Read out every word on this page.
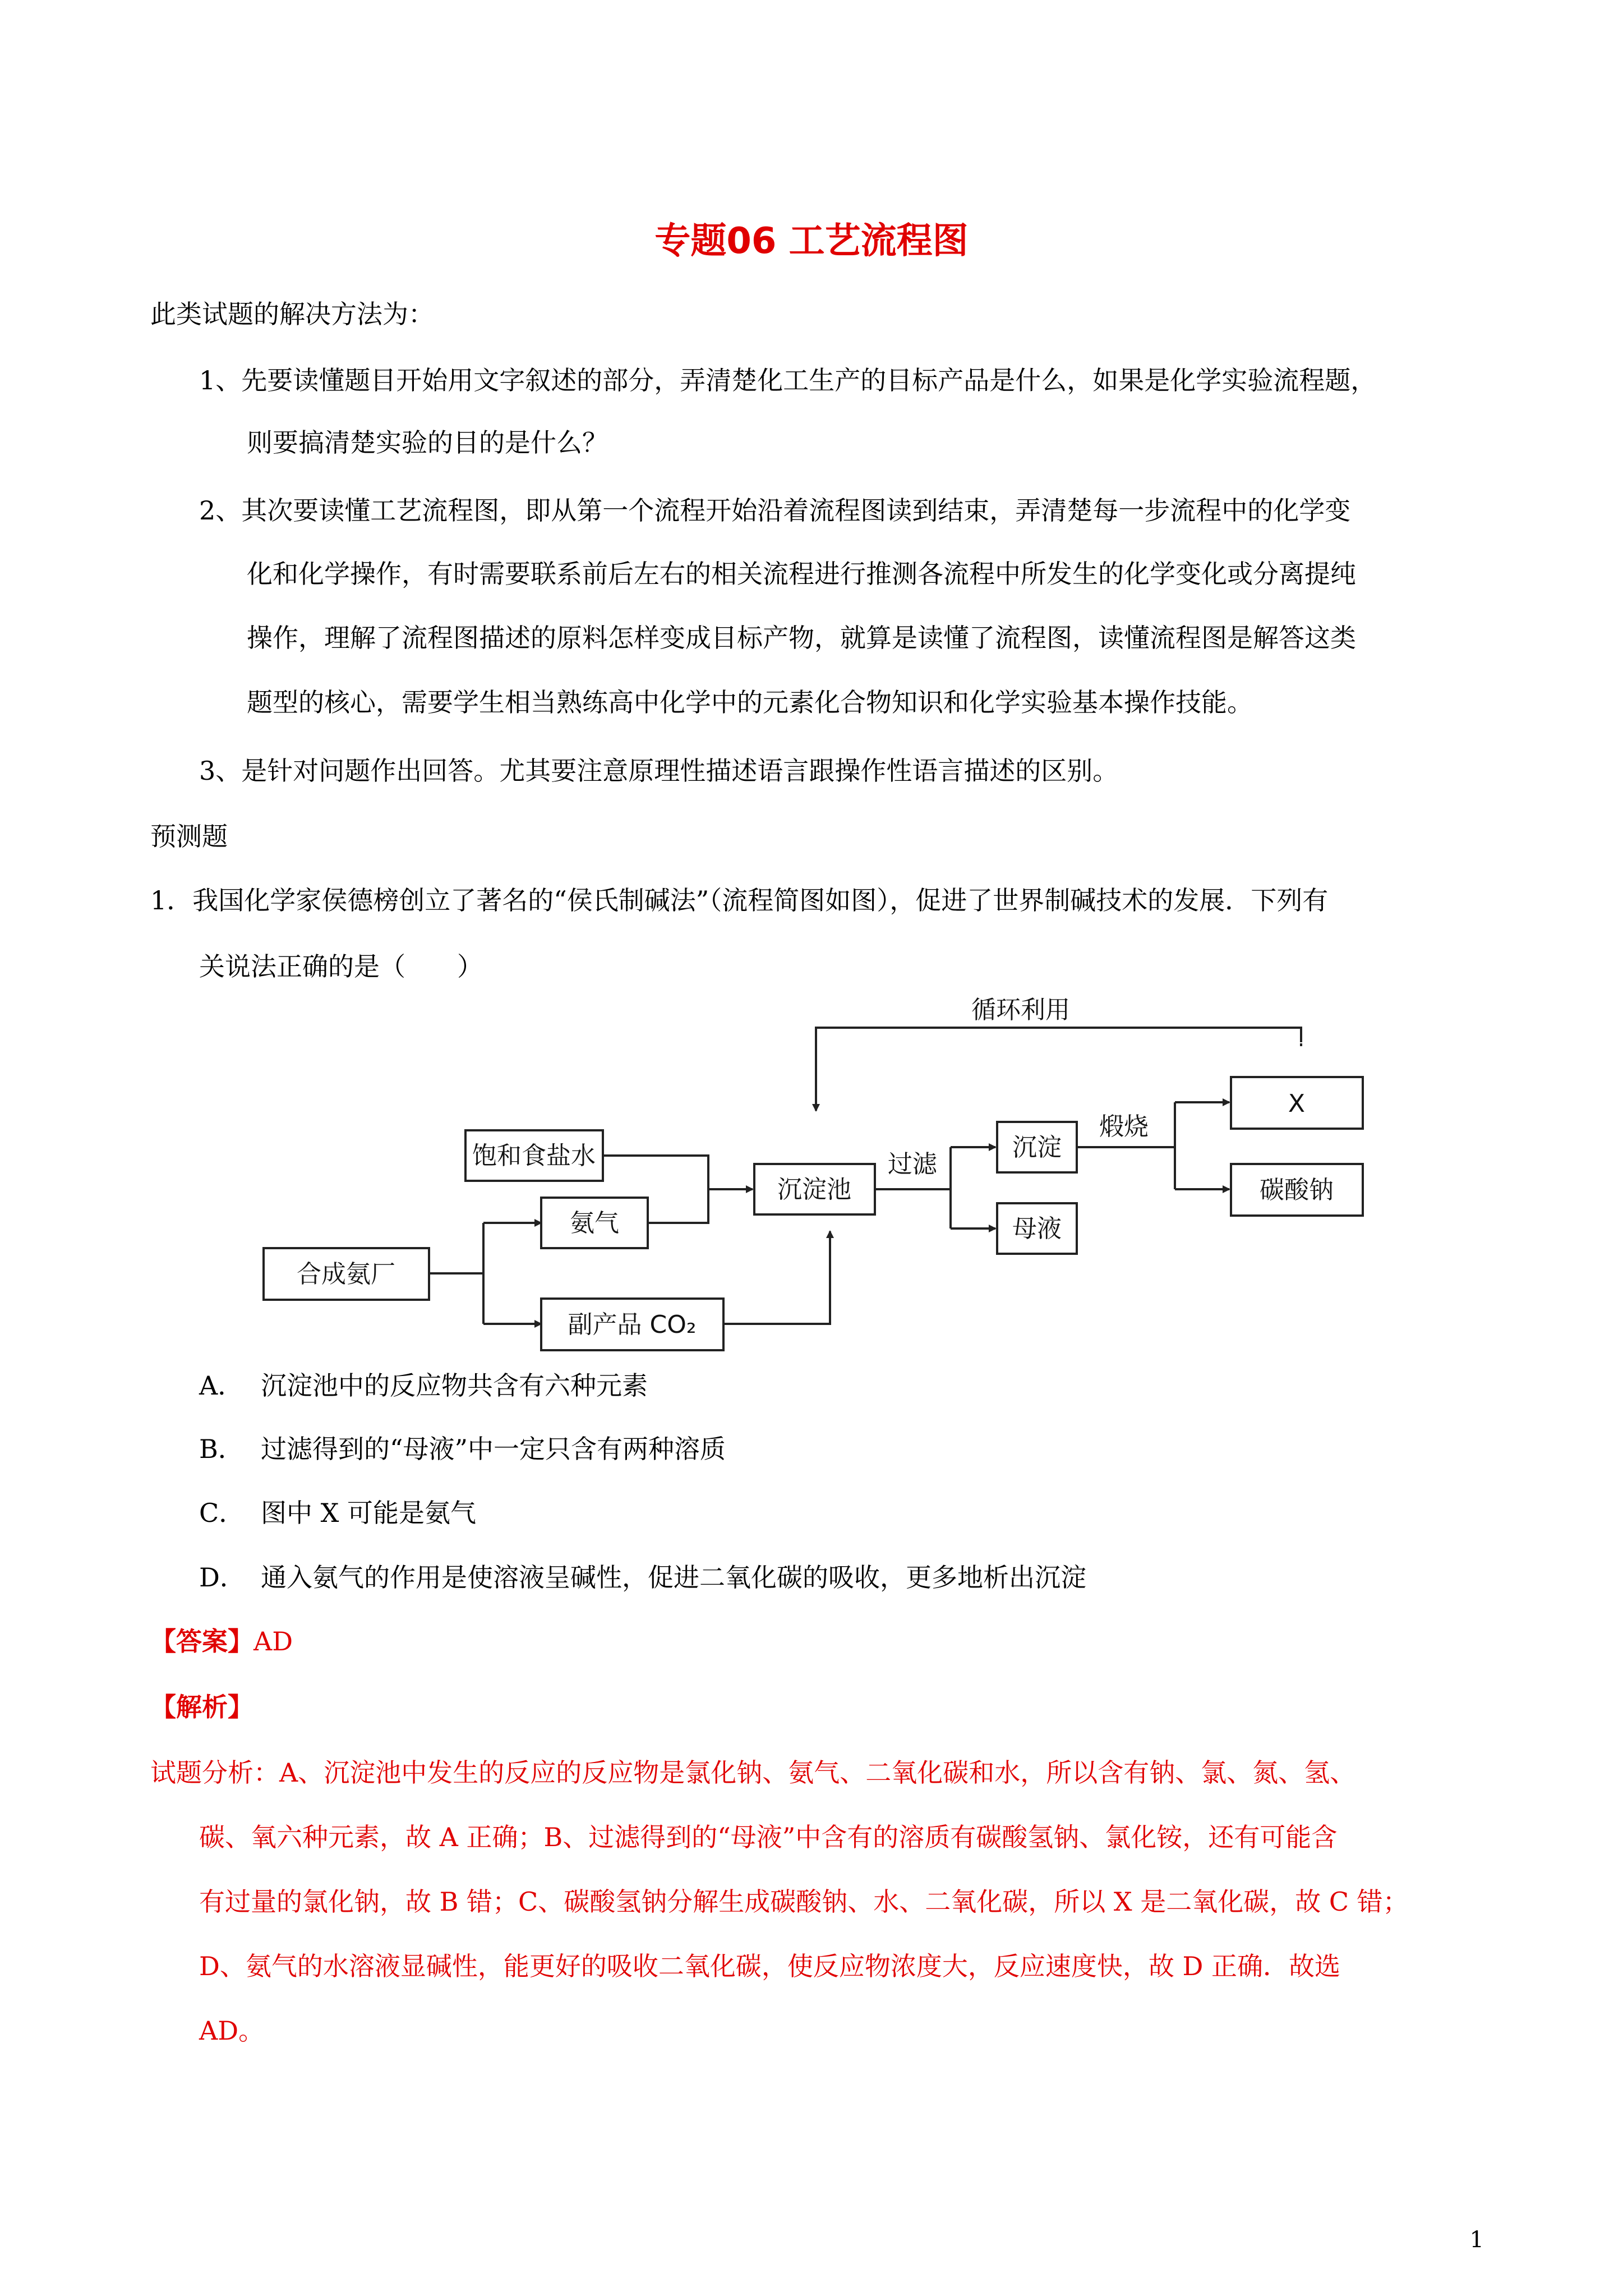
专题06 工艺流程图
此类试题的解决方法为：
1、先要读懂题目开始用文字叙述的部分，弄清楚化工生产的目标产品是什么，如果是化学实验流程题，
则要搞清楚实验的目的是什么？
2、其次要读懂工艺流程图，即从第一个流程开始沿着流程图读到结束，弄清楚每一步流程中的化学变
化和化学操作，有时需要联系前后左右的相关流程进行推测各流程中所发生的化学变化或分离提纯
操作，理解了流程图描述的原料怎样变成目标产物，就算是读懂了流程图，读懂流程图是解答这类
题型的核心，需要学生相当熟练高中化学中的元素化合物知识和化学实验基本操作技能。
3、是针对问题作出回答。尤其要注意原理性描述语言跟操作性语言描述的区别。
预测题
1．我国化学家侯德榜创立了著名的“侯氏制碱法”（流程简图如图），促进了世界制碱技术的发展．下列有
关说法正确的是（　　）
循环利用
饱和食盐水
氨气
合成氨厂
副产品 CO₂
沉淀池
过滤
沉淀
煅烧
X
碳酸钠
母液
A． 沉淀池中的反应物共含有六种元素
B． 过滤得到的“母液”中一定只含有两种溶质
C． 图中 X 可能是氨气
D． 通入氨气的作用是使溶液呈碱性，促进二氧化碳的吸收，更多地析出沉淀
【答案】AD
【解析】
试题分析：A、沉淀池中发生的反应的反应物是氯化钠、氨气、二氧化碳和水，所以含有钠、氯、氮、氢、
碳、氧六种元素，故 A 正确；B、过滤得到的“母液”中含有的溶质有碳酸氢钠、氯化铵，还有可能含
有过量的氯化钠，故 B 错；C、碳酸氢钠分解生成碳酸钠、水、二氧化碳，所以 X 是二氧化碳，故 C 错；
D、氨气的水溶液显碱性，能更好的吸收二氧化碳，使反应物浓度大，反应速度快，故 D 正确．故选
AD。
1
